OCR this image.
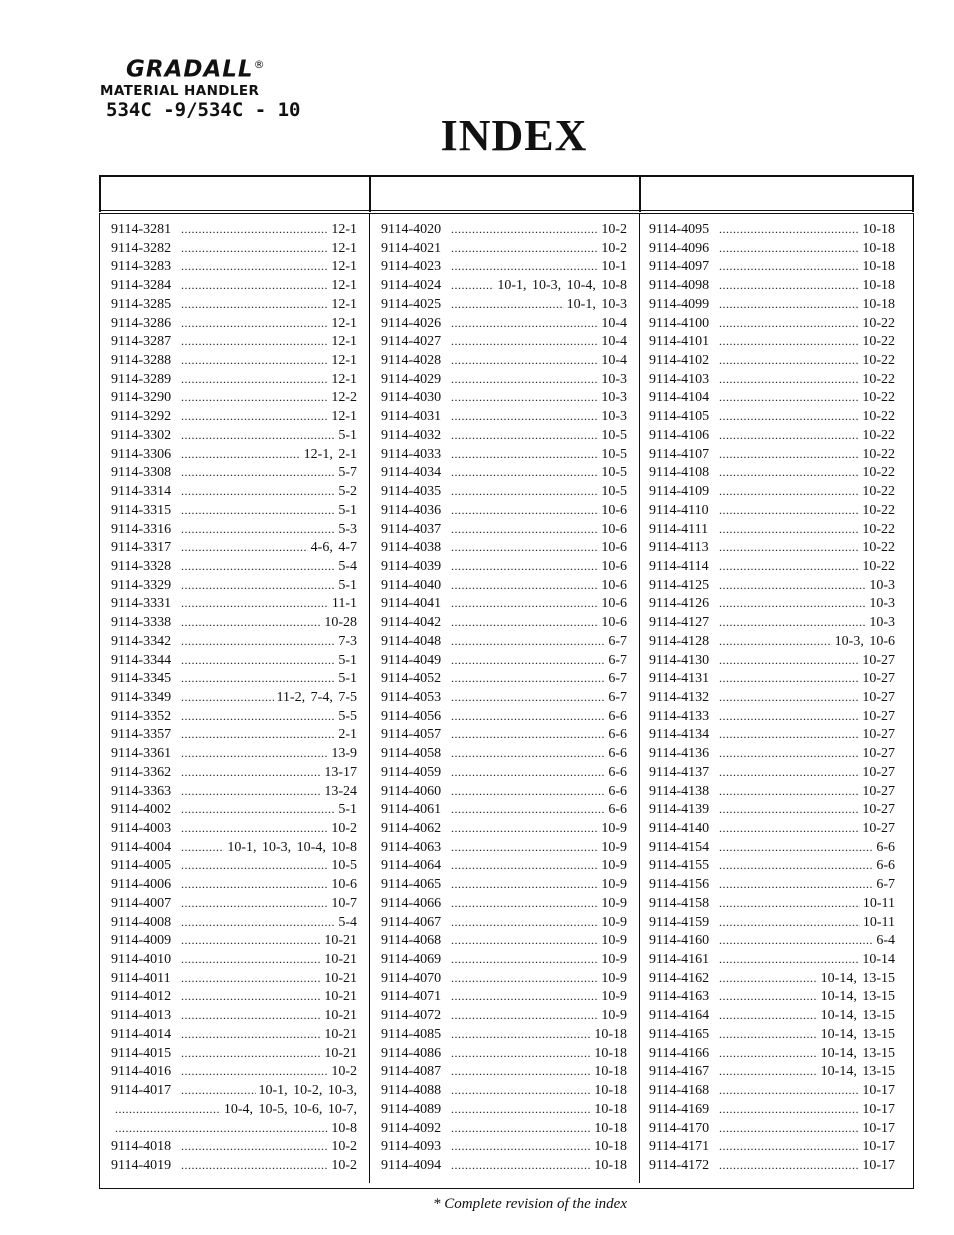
GRADALL®
MATERIAL HANDLER
534C -9/534C - 10
INDEX
9114-3281 .....	12-1
9114-3282 .....	12-1
9114-3283 .....	12-1
9114-3284 .....	12-1
9114-3285 .....	12-1
9114-3286 .....	12-1
9114-3287 .....	12-1
9114-3288 .....	12-1
9114-3289 .....	12-1
9114-3290 .....	12-2
9114-3292 .....	12-1
9114-3302 .....	5-1
9114-3306 .....	12-1, 2-1
9114-3308 .....	5-7
9114-3314 .....	5-2
9114-3315 .....	5-1
9114-3316 .....	5-3
9114-3317 .....	4-6, 4-7
9114-3328 .....	5-4
9114-3329 .....	5-1
9114-3331 .....	11-1
9114-3338 .....	10-28
9114-3342 .....	7-3
9114-3344 .....	5-1
9114-3345 .....	5-1
9114-3349 .....	11-2, 7-4, 7-5
9114-3352 .....	5-5
9114-3357 .....	2-1
9114-3361 .....	13-9
9114-3362 .....	13-17
9114-3363 .....	13-24
9114-4002 .....	5-1
9114-4003 .....	10-2
9114-4004 .....	10-1, 10-3, 10-4, 10-8
9114-4005 .....	10-5
9114-4006 .....	10-6
9114-4007 .....	10-7
9114-4008 .....	5-4
9114-4009 .....	10-21
9114-4010 .....	10-21
9114-4011 .....	10-21
9114-4012 .....	10-21
9114-4013 .....	10-21
9114-4014 .....	10-21
9114-4015 .....	10-21
9114-4016 .....	10-2
9114-4017 .....	10-1, 10-2, 10-3,
.....
10-4, 10-5, 10-6, 10-7,
.....
10-8
9114-4018 .....	10-2
9114-4019 .....	10-2
9114-4020 .....	10-2
9114-4021 .....	10-2
9114-4023 .....	10-1
9114-4024 .....	10-1, 10-3, 10-4, 10-8
9114-4025 .....	10-1, 10-3
9114-4026 .....	10-4
9114-4027 .....	10-4
9114-4028 .....	10-4
9114-4029 .....	10-3
9114-4030 .....	10-3
9114-4031 .....	10-3
9114-4032 .....	10-5
9114-4033 .....	10-5
9114-4034 .....	10-5
9114-4035 .....	10-5
9114-4036 .....	10-6
9114-4037 .....	10-6
9114-4038 .....	10-6
9114-4039 .....	10-6
9114-4040 .....	10-6
9114-4041 .....	10-6
9114-4042 .....	10-6
9114-4048 .....	6-7
9114-4049 .....	6-7
9114-4052 .....	6-7
9114-4053 .....	6-7
9114-4056 .....	6-6
9114-4057 .....	6-6
9114-4058 .....	6-6
9114-4059 .....	6-6
9114-4060 .....	6-6
9114-4061 .....	6-6
9114-4062 .....	10-9
9114-4063 .....	10-9
9114-4064 .....	10-9
9114-4065 .....	10-9
9114-4066 .....	10-9
9114-4067 .....	10-9
9114-4068 .....	10-9
9114-4069 .....	10-9
9114-4070 .....	10-9
9114-4071 .....	10-9
9114-4072 .....	10-9
9114-4085 .....	10-18
9114-4086 .....	10-18
9114-4087 .....	10-18
9114-4088 .....	10-18
9114-4089 .....	10-18
9114-4092 .....	10-18
9114-4093 .....	10-18
9114-4094 .....	10-18
9114-4095 .....	10-18
9114-4096 .....	10-18
9114-4097 .....	10-18
9114-4098 .....	10-18
9114-4099 .....	10-18
9114-4100 .....	10-22
9114-4101 .....	10-22
9114-4102 .....	10-22
9114-4103 .....	10-22
9114-4104 .....	10-22
9114-4105 .....	10-22
9114-4106 .....	10-22
9114-4107 .....	10-22
9114-4108 .....	10-22
9114-4109 .....	10-22
9114-4110 .....	10-22
9114-4111 .....	10-22
9114-4113 .....	10-22
9114-4114 .....	10-22
9114-4125 .....	10-3
9114-4126 .....	10-3
9114-4127 .....	10-3
9114-4128 .....	10-3, 10-6
9114-4130 .....	10-27
9114-4131 .....	10-27
9114-4132 .....	10-27
9114-4133 .....	10-27
9114-4134 .....	10-27
9114-4136 .....	10-27
9114-4137 .....	10-27
9114-4138 .....	10-27
9114-4139 .....	10-27
9114-4140 .....	10-27
9114-4154 .....	6-6
9114-4155 .....	6-6
9114-4156 .....	6-7
9114-4158 .....	10-11
9114-4159 .....	10-11
9114-4160 .....	6-4
9114-4161 .....	10-14
9114-4162 .....	10-14, 13-15
9114-4163 .....	10-14, 13-15
9114-4164 .....	10-14, 13-15
9114-4165 .....	10-14, 13-15
9114-4166 .....	10-14, 13-15
9114-4167 .....	10-14, 13-15
9114-4168 .....	10-17
9114-4169 .....	10-17
9114-4170 .....	10-17
9114-4171 .....	10-17
9114-4172 .....	10-17
* Complete revision of the index
